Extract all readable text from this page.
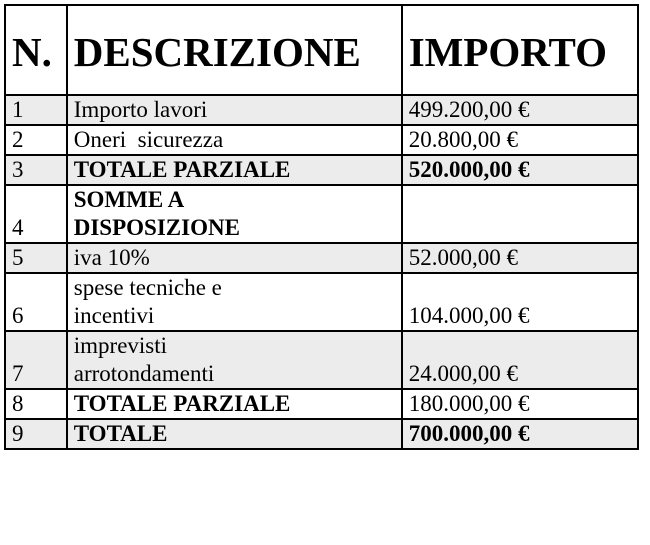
N.	DESCRIZIONE	IMPORTO
1	Importo lavori	499.200,00 €
2	Oneri  sicurezza	20.800,00 €
3	TOTALE PARZIALE	520.000,00 €
4	SOMME A DISPOSIZIONE	
5	iva 10%	52.000,00 €
6	spese tecniche e incentivi	104.000,00 €
7	imprevisti arrotondamenti	24.000,00 €
8	TOTALE PARZIALE	180.000,00 €
9	TOTALE	700.000,00 €
